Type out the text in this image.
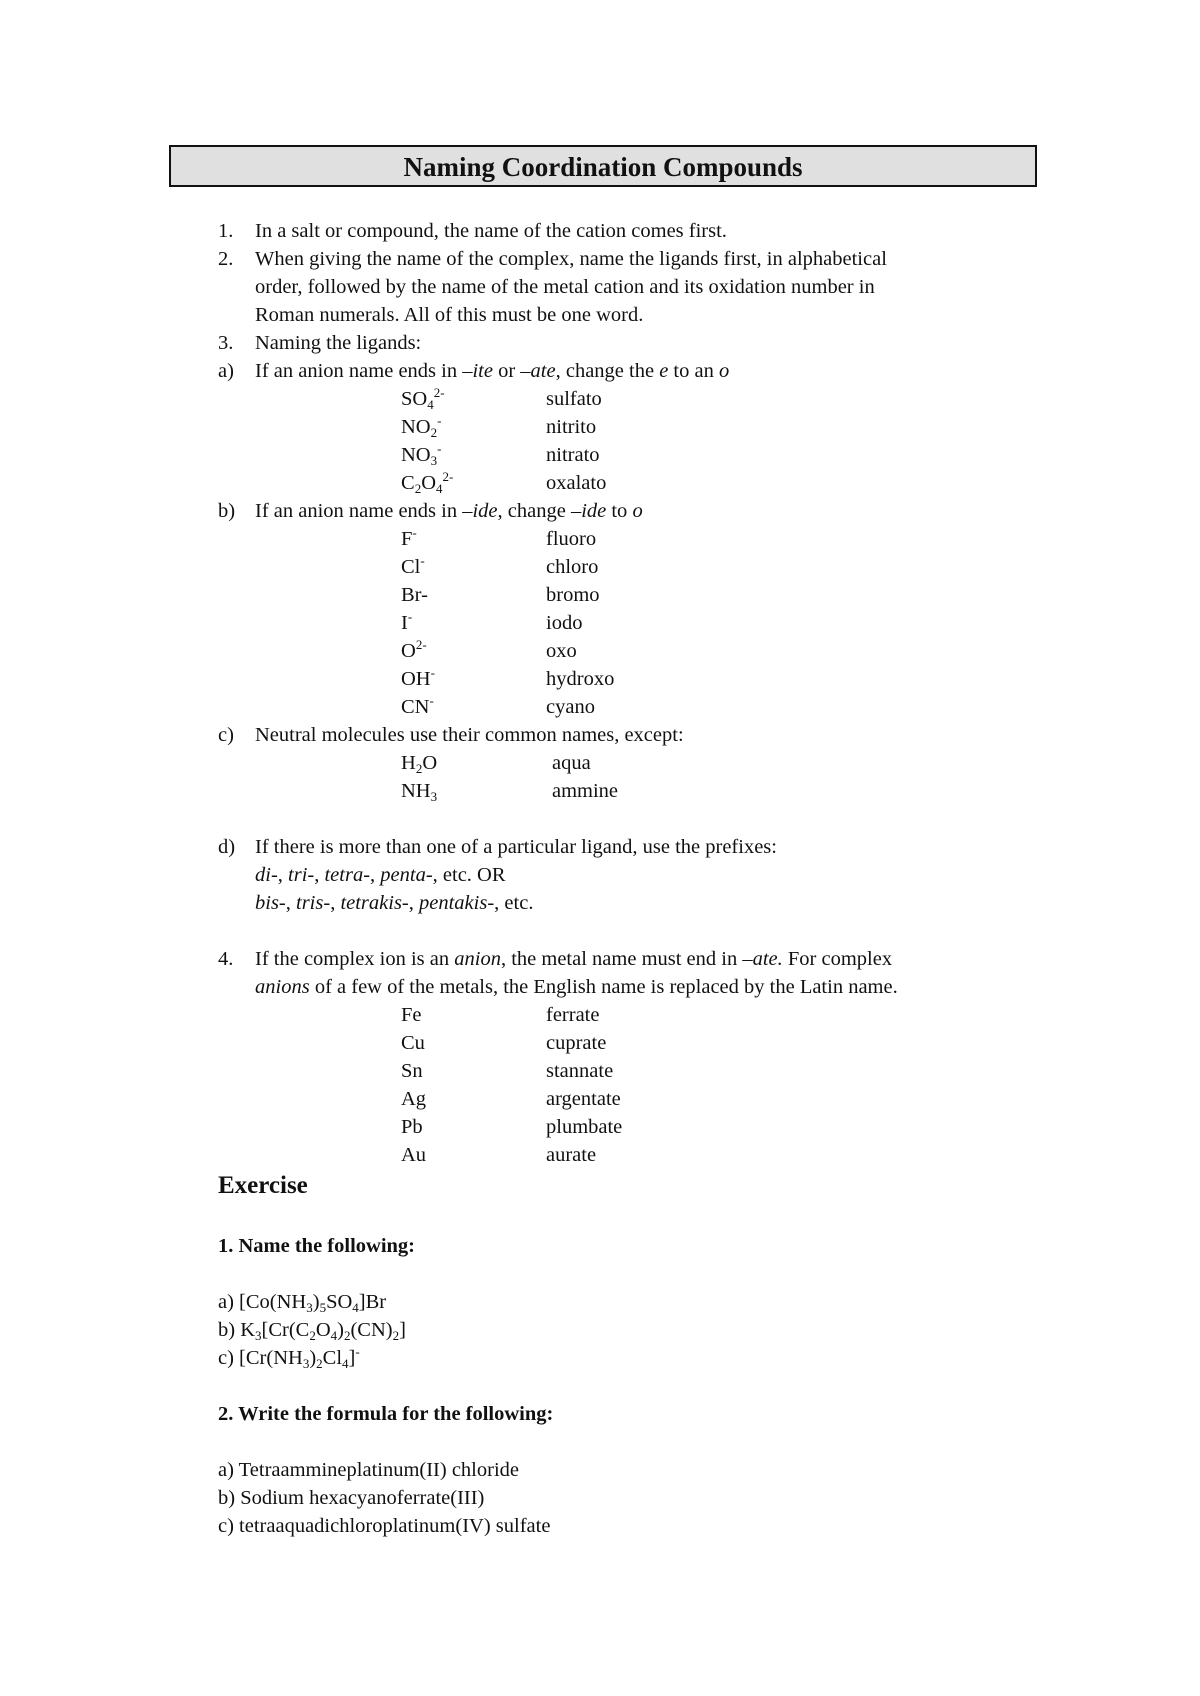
Naming Coordination Compounds
1. In a salt or compound, the name of the cation comes first.
2. When giving the name of the complex, name the ligands first, in alphabetical
order, followed by the name of the metal cation and its oxidation number in
Roman numerals. All of this must be one word.
3. Naming the ligands:
a) If an anion name ends in –ite or –ate, change the e to an o
$SO_4^{2-}$	sulfato
$NO_2^-$	nitrito
$NO_3^-$	nitrato
$C_2O_4^{2-}$	oxalato
b) If an anion name ends in –ide, change –ide to o
F-	fluoro
Cl-	chloro
Br-	bromo
I-	iodo
$O^{2-}$	oxo
OH-	hydroxo
CN-	cyano
c) Neutral molecules use their common names, except:
$H_2O$	aqua
$NH_3$	ammine
d) If there is more than one of a particular ligand, use the prefixes:
di-, tri-, tetra-, penta-, etc. OR
bis-, tris-, tetrakis-, pentakis-, etc.
4. If the complex ion is an anion, the metal name must end in –ate. For complex
anions of a few of the metals, the English name is replaced by the Latin name.
Fe	ferrate
Cu	cuprate
Sn	stannate
Ag	argentate
Pb	plumbate
Au	aurate
Exercise
1. Name the following:
a) $[Co(NH_3)_5SO_4]Br$
b) $K_3[Cr(C_2O_4)_2(CN)_2]$
c) $[Cr(NH_3)_2Cl_4]^-$
2. Write the formula for the following:
a) Tetraammineplatinum(II) chloride
b) Sodium hexacyanoferrate(III)
c) tetraaquadichloroplatinum(IV) sulfate
